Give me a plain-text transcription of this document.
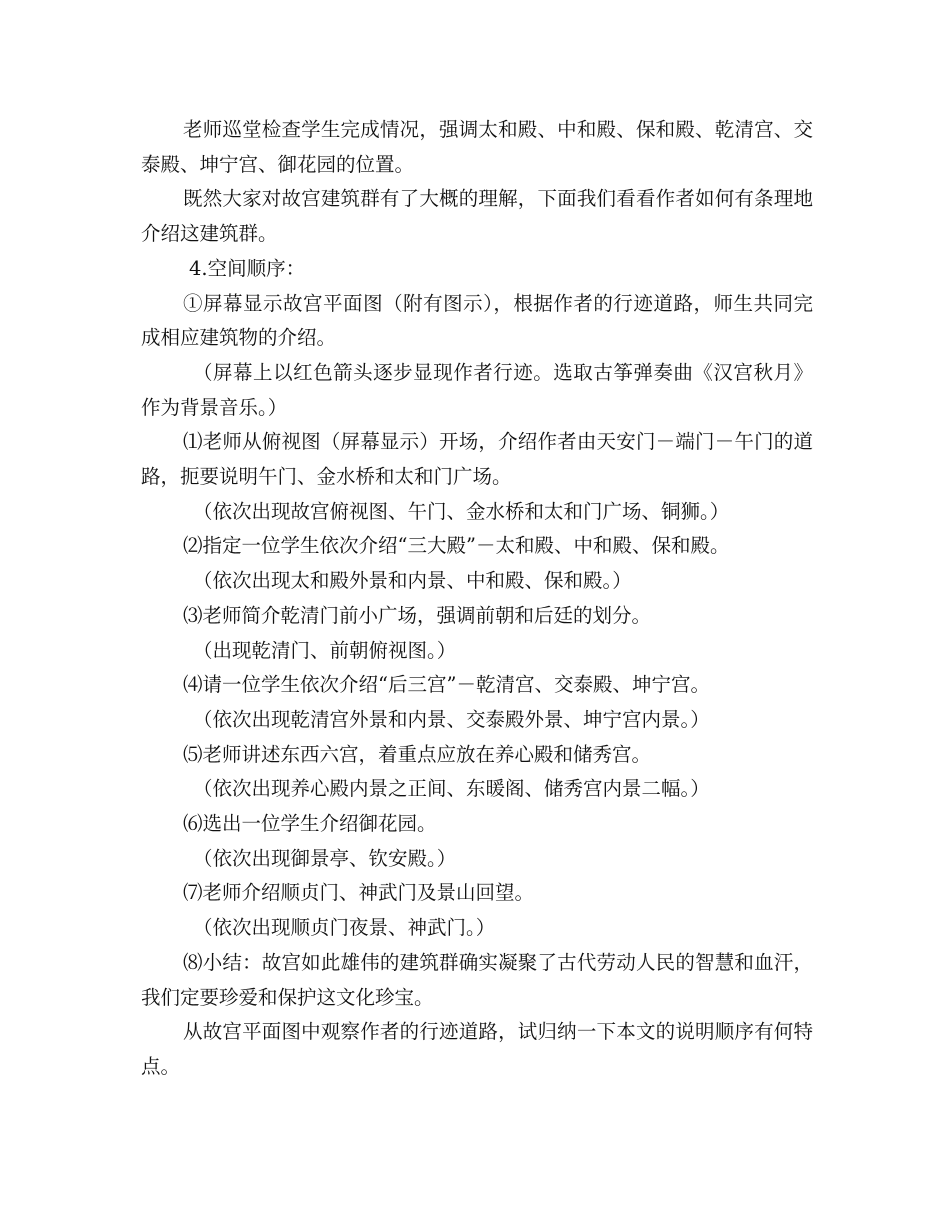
老师巡堂检查学生完成情况，强调太和殿、中和殿、保和殿、乾清宫、交泰殿、坤宁宫、御花园的位置。

既然大家对故宫建筑群有了大概的理解，下面我们看看作者如何有条理地介绍这建筑群。

4.空间顺序：

①屏幕显示故宫平面图（附有图示），根据作者的行迹道路，师生共同完成相应建筑物的介绍。

（屏幕上以红色箭头逐步显现作者行迹。选取古筝弹奏曲《汉宫秋月》作为背景音乐。）

⑴老师从俯视图（屏幕显示）开场，介绍作者由天安门－端门－午门的道路，扼要说明午门、金水桥和太和门广场。

（依次出现故宫俯视图、午门、金水桥和太和门广场、铜狮。）

⑵指定一位学生依次介绍“三大殿”－太和殿、中和殿、保和殿。

（依次出现太和殿外景和内景、中和殿、保和殿。）

⑶老师简介乾清门前小广场，强调前朝和后廷的划分。

（出现乾清门、前朝俯视图。）

⑷请一位学生依次介绍“后三宫”－乾清宫、交泰殿、坤宁宫。

（依次出现乾清宫外景和内景、交泰殿外景、坤宁宫内景。）

⑸老师讲述东西六宫，着重点应放在养心殿和储秀宫。

（依次出现养心殿内景之正间、东暖阁、储秀宫内景二幅。）

⑹选出一位学生介绍御花园。

（依次出现御景亭、钦安殿。）

⑺老师介绍顺贞门、神武门及景山回望。

（依次出现顺贞门夜景、神武门。）

⑻小结：故宫如此雄伟的建筑群确实凝聚了古代劳动人民的智慧和血汗，我们定要珍爱和保护这文化珍宝。

从故宫平面图中观察作者的行迹道路，试归纳一下本文的说明顺序有何特点。
